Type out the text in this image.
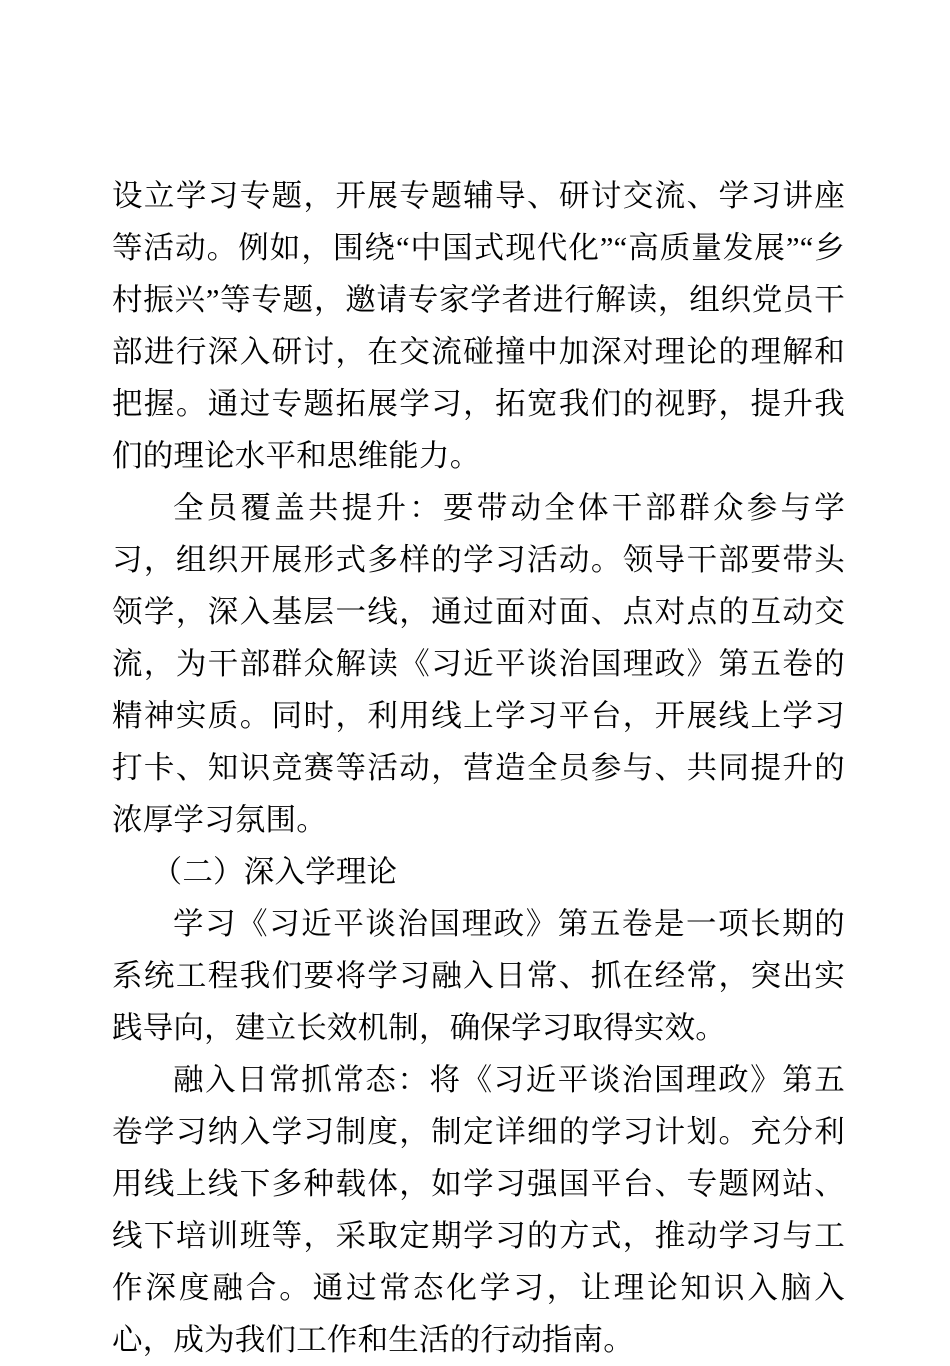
设立学习专题，开展专题辅导、研讨交流、学习讲座等活动。例如，围绕“中国式现代化”“高质量发展”“乡村振兴”等专题，邀请专家学者进行解读，组织党员干部进行深入研讨，在交流碰撞中加深对理论的理解和把握。通过专题拓展学习，拓宽我们的视野，提升我们的理论水平和思维能力。

全员覆盖共提升：要带动全体干部群众参与学习，组织开展形式多样的学习活动。领导干部要带头领学，深入基层一线，通过面对面、点对点的互动交流，为干部群众解读《习近平谈治国理政》第五卷的精神实质。同时，利用线上学习平台，开展线上学习打卡、知识竞赛等活动，营造全员参与、共同提升的浓厚学习氛围。

（二）深入学理论

学习《习近平谈治国理政》第五卷是一项长期的系统工程我们要将学习融入日常、抓在经常，突出实践导向，建立长效机制，确保学习取得实效。

融入日常抓常态：将《习近平谈治国理政》第五卷学习纳入学习制度，制定详细的学习计划。充分利用线上线下多种载体，如学习强国平台、专题网站、线下培训班等，采取定期学习的方式，推动学习与工作深度融合。通过常态化学习，让理论知识入脑入心，成为我们工作和生活的行动指南。
